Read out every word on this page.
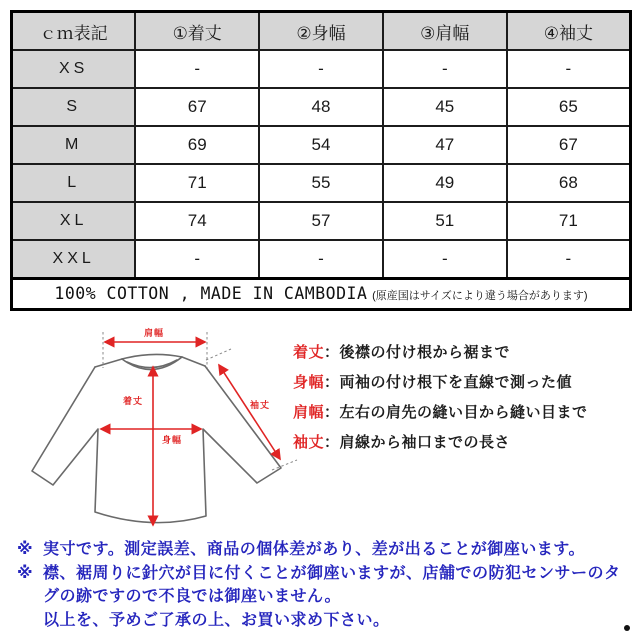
ｃｍ表記	①着丈	②身幅	③肩幅	④袖丈
XS	-	-	-	-
S	67	48	45	65
M	69	54	47	67
L	71	55	49	68
XL	74	57	51	71
XXL	-	-	-	-
100% COTTON , MADE IN CAMBODIA (原産国はサイズにより違う場合があります)				
肩幅
着丈
身幅
袖丈
着丈：後襟の付け根から裾まで
身幅：両袖の付け根下を直線で測った値
肩幅：左右の肩先の縫い目から縫い目まで
袖丈：肩線から袖口までの長さ
※ 実寸です。測定誤差、商品の個体差があり、差が出ることが御座います。
※ 襟、裾周りに針穴が目に付くことが御座いますが、店舗での防犯センサーのタ
グの跡ですので不良では御座いません。
以上を、予めご了承の上、お買い求め下さい。
